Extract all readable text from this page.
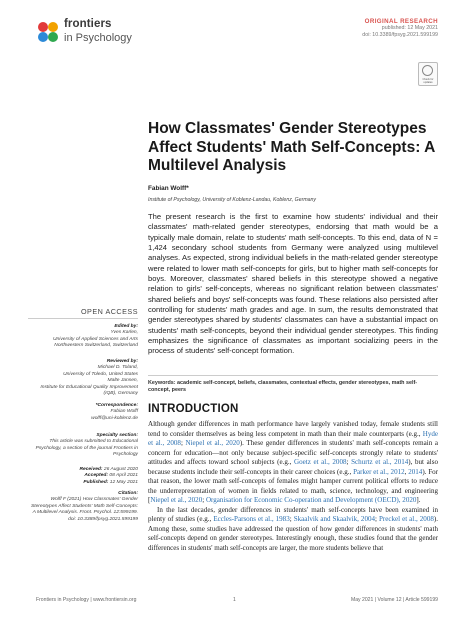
frontiers
in Psychology
ORIGINAL RESEARCH
published: 12 May 2021
doi: 10.3389/fpsyg.2021.599199
Check for updates
OPEN ACCESS
Edited by:
Yves Karlen,
University of Applied Sciences and Arts Northwestern Switzerland, Switzerland
Reviewed by:
Michael D. Toland,
University of Toledo, United States
Malte Jansen,
Institute for Educational Quality Improvement (IQB), Germany
*Correspondence:
Fabian Wolff
wolff@uni-koblenz.de
Specialty section:
This article was submitted to Educational Psychology, a section of the journal Frontiers in Psychology
Received: 26 August 2020
Accepted: 08 April 2021
Published: 12 May 2021
Citation:
Wolff F (2021) How Classmates' Gender Stereotypes Affect Students' Math Self-Concepts: A Multilevel Analysis. Front. Psychol. 12:599199. doi: 10.3389/fpsyg.2021.599199
How Classmates' Gender Stereotypes Affect Students' Math Self-Concepts: A Multilevel Analysis
Fabian Wolff*
Institute of Psychology, University of Koblenz-Landau, Koblenz, Germany
The present research is the first to examine how students' individual and their classmates' math-related gender stereotypes, endorsing that math would be a typically male domain, relate to students' math self-concepts. To this end, data of N = 1,424 secondary school students from Germany were analyzed using multilevel analyses. As expected, strong individual beliefs in the math-related gender stereotype were related to lower math self-concepts for girls, but to higher math self-concepts for boys. Moreover, classmates' shared beliefs in this stereotype showed a negative relation to girls' self-concepts, whereas no significant relation between classmates' shared beliefs and boys' self-concepts was found. These relations also persisted after controlling for students' math grades and age. In sum, the results demonstrated that gender stereotypes shared by students' classmates can have a substantial impact on students' math self-concepts, beyond their individual gender stereotypes. This finding emphasizes the significance of classmates as important socializing peers in the process of students' self-concept formation.
Keywords: academic self-concept, beliefs, classmates, contextual effects, gender stereotypes, math self-concept, peers
INTRODUCTION

Although gender differences in math performance have largely vanished today, female students still tend to consider themselves as being less competent in math than their male counterparts (e.g., Hyde et al., 2008; Niepel et al., 2020). These gender differences in students' math self-concepts remain a concern for education—not only because subject-specific self-concepts strongly relate to students' attitudes and affects toward school subjects (e.g., Goetz et al., 2008; Schurtz et al., 2014), but also because students include their self-concepts in their career choices (e.g., Parker et al., 2012, 2014). For that reason, the lower math self-concepts of females might hamper current political efforts to reduce the underrepresentation of women in fields related to math, science, technology, and engineering [Niepel et al., 2020; Organisation for Economic Co-operation and Development (OECD), 2020].

In the last decades, gender differences in students' math self-concepts have been examined in plenty of studies (e.g., Eccles-Parsons et al., 1983; Skaalvik and Skaalvik, 2004; Preckel et al., 2008). Among these, some studies have addressed the question of how gender differences in students' math self-concepts depend on gender stereotypes. Interestingly enough, these studies found that the gender differences in students' math self-concepts are larger, the more students believe that

Frontiers in Psychology | www.frontiersin.org	1	May 2021 | Volume 12 | Article 599199
